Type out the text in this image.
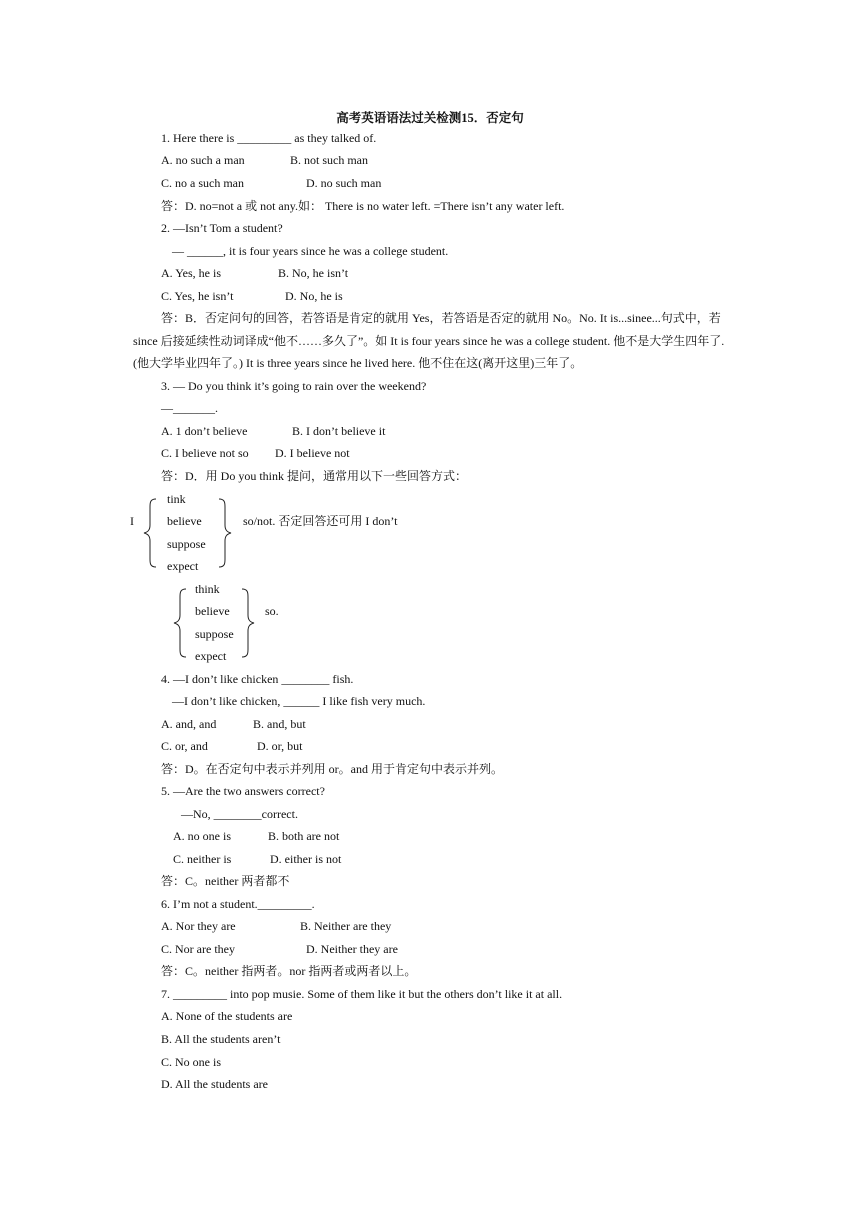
高考英语语法过关检测15．否定句
1. Here there is _________ as they talked of.
A. no such a man	B. not such man
C. no a such man	D. no such man
答：D. no=not a 或 not any.如： There is no water left. =There isn’t any water left.
2. —Isn’t Tom a student?
— ______, it is four years since he was a college student.
A. Yes, he is	B. No, he isn’t
C. Yes, he isn’t	D. No, he is
答：B．否定问句的回答，若答语是肯定的就用 Yes，若答语是否定的就用 No。No. It is...sinee...句式中，若 since 后接延续性动词译成“他不……多久了”。如 It is four years since he was a college student. 他不是大学生四年了. (他大学毕业四年了。) It is three years since he lived here. 他不住在这(离开这里)三年了。
3. — Do you think it’s going to rain over the weekend?
—_______.
A. 1 don’t believe	B. I don’t believe it
C. I believe not so D. I believe not
答：D．用 Do you think 提问，通常用以下一些回答方式：
I
tink
believe
suppose
expect
so/not. 否定回答还可用 I don’t
think
believe
suppose
expect
so.
4. —I don’t like chicken ________ fish.
—I don’t like chicken, ______ I like fish very much.
A. and, and	B. and, but
C. or, and	D. or, but
答：D。在否定句中表示并列用 or。and 用于肯定句中表示并列。
5. —Are the two answers correct?
—No, ________correct.
A. no one is	B. both are not
C. neither is	D. either is not
答：C。neither 两者都不
6. I’m not a student._________.
A. Nor they are	B. Neither are they
C. Nor are they	D. Neither they are
答：C。neither 指两者。nor 指两者或两者以上。
7. _________ into pop musie. Some of them like it but the others don’t like it at all.
A. None of the students are
B. All the students aren’t
C. No one is
D. All the students are
